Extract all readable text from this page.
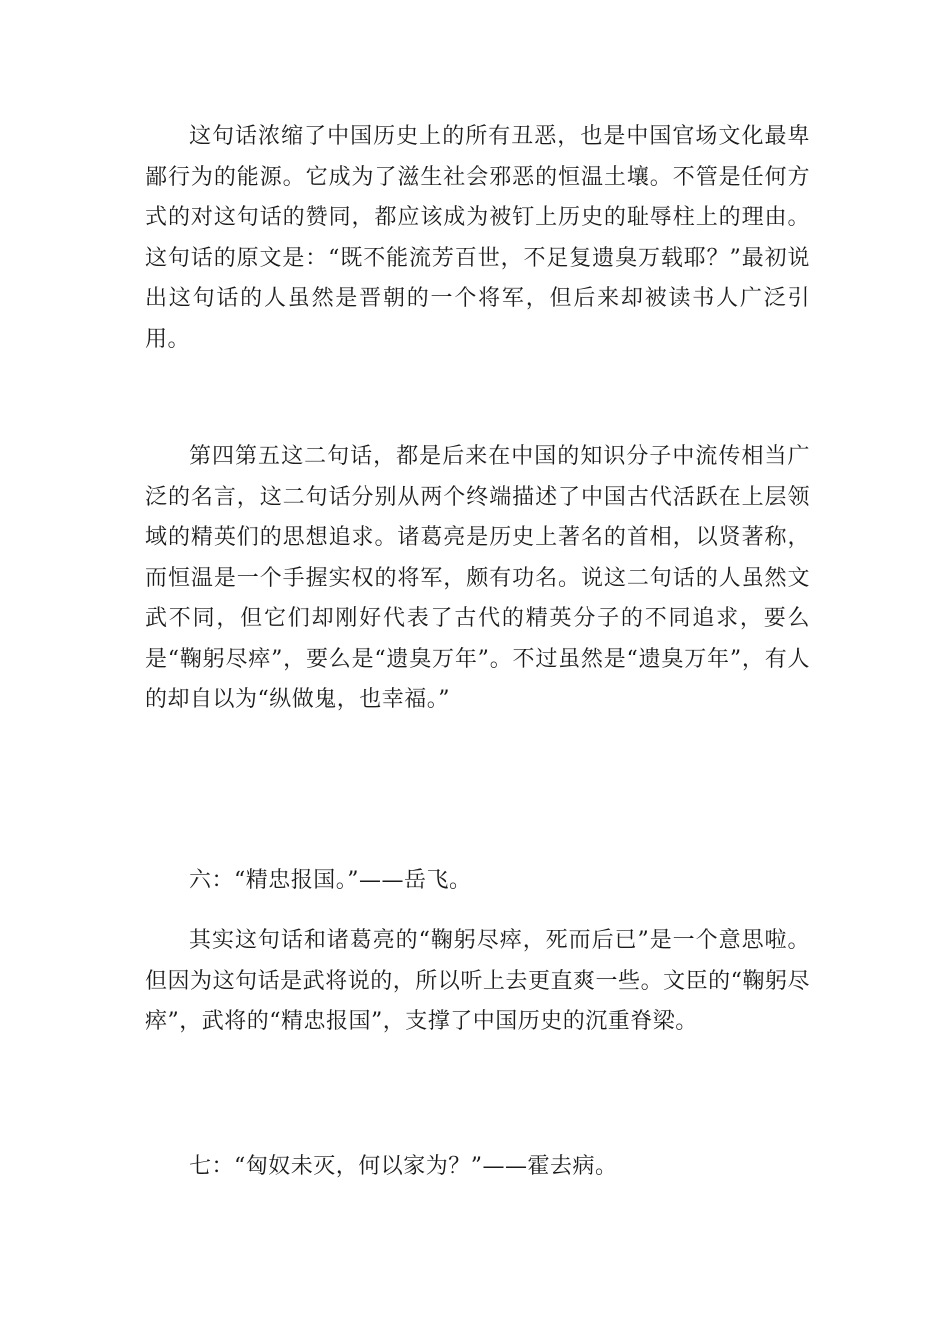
这句话浓缩了中国历史上的所有丑恶，也是中国官场文化最卑鄙行为的能源。它成为了滋生社会邪恶的恒温土壤。不管是任何方式的对这句话的赞同，都应该成为被钉上历史的耻辱柱上的理由。这句话的原文是：“既不能流芳百世，不足复遗臭万载耶？”最初说出这句话的人虽然是晋朝的一个将军，但后来却被读书人广泛引用。

第四第五这二句话，都是后来在中国的知识分子中流传相当广泛的名言，这二句话分别从两个终端描述了中国古代活跃在上层领域的精英们的思想追求。诸葛亮是历史上著名的首相，以贤著称，而恒温是一个手握实权的将军，颇有功名。说这二句话的人虽然文武不同，但它们却刚好代表了古代的精英分子的不同追求，要么是“鞠躬尽瘁”，要么是“遗臭万年”。不过虽然是“遗臭万年”，有人的却自以为“纵做鬼，也幸福。”

六：“精忠报国。”——岳飞。

其实这句话和诸葛亮的“鞠躬尽瘁，死而后已”是一个意思啦。但因为这句话是武将说的，所以听上去更直爽一些。文臣的“鞠躬尽瘁”，武将的“精忠报国”，支撑了中国历史的沉重脊梁。

七：“匈奴未灭，何以家为？”——霍去病。
